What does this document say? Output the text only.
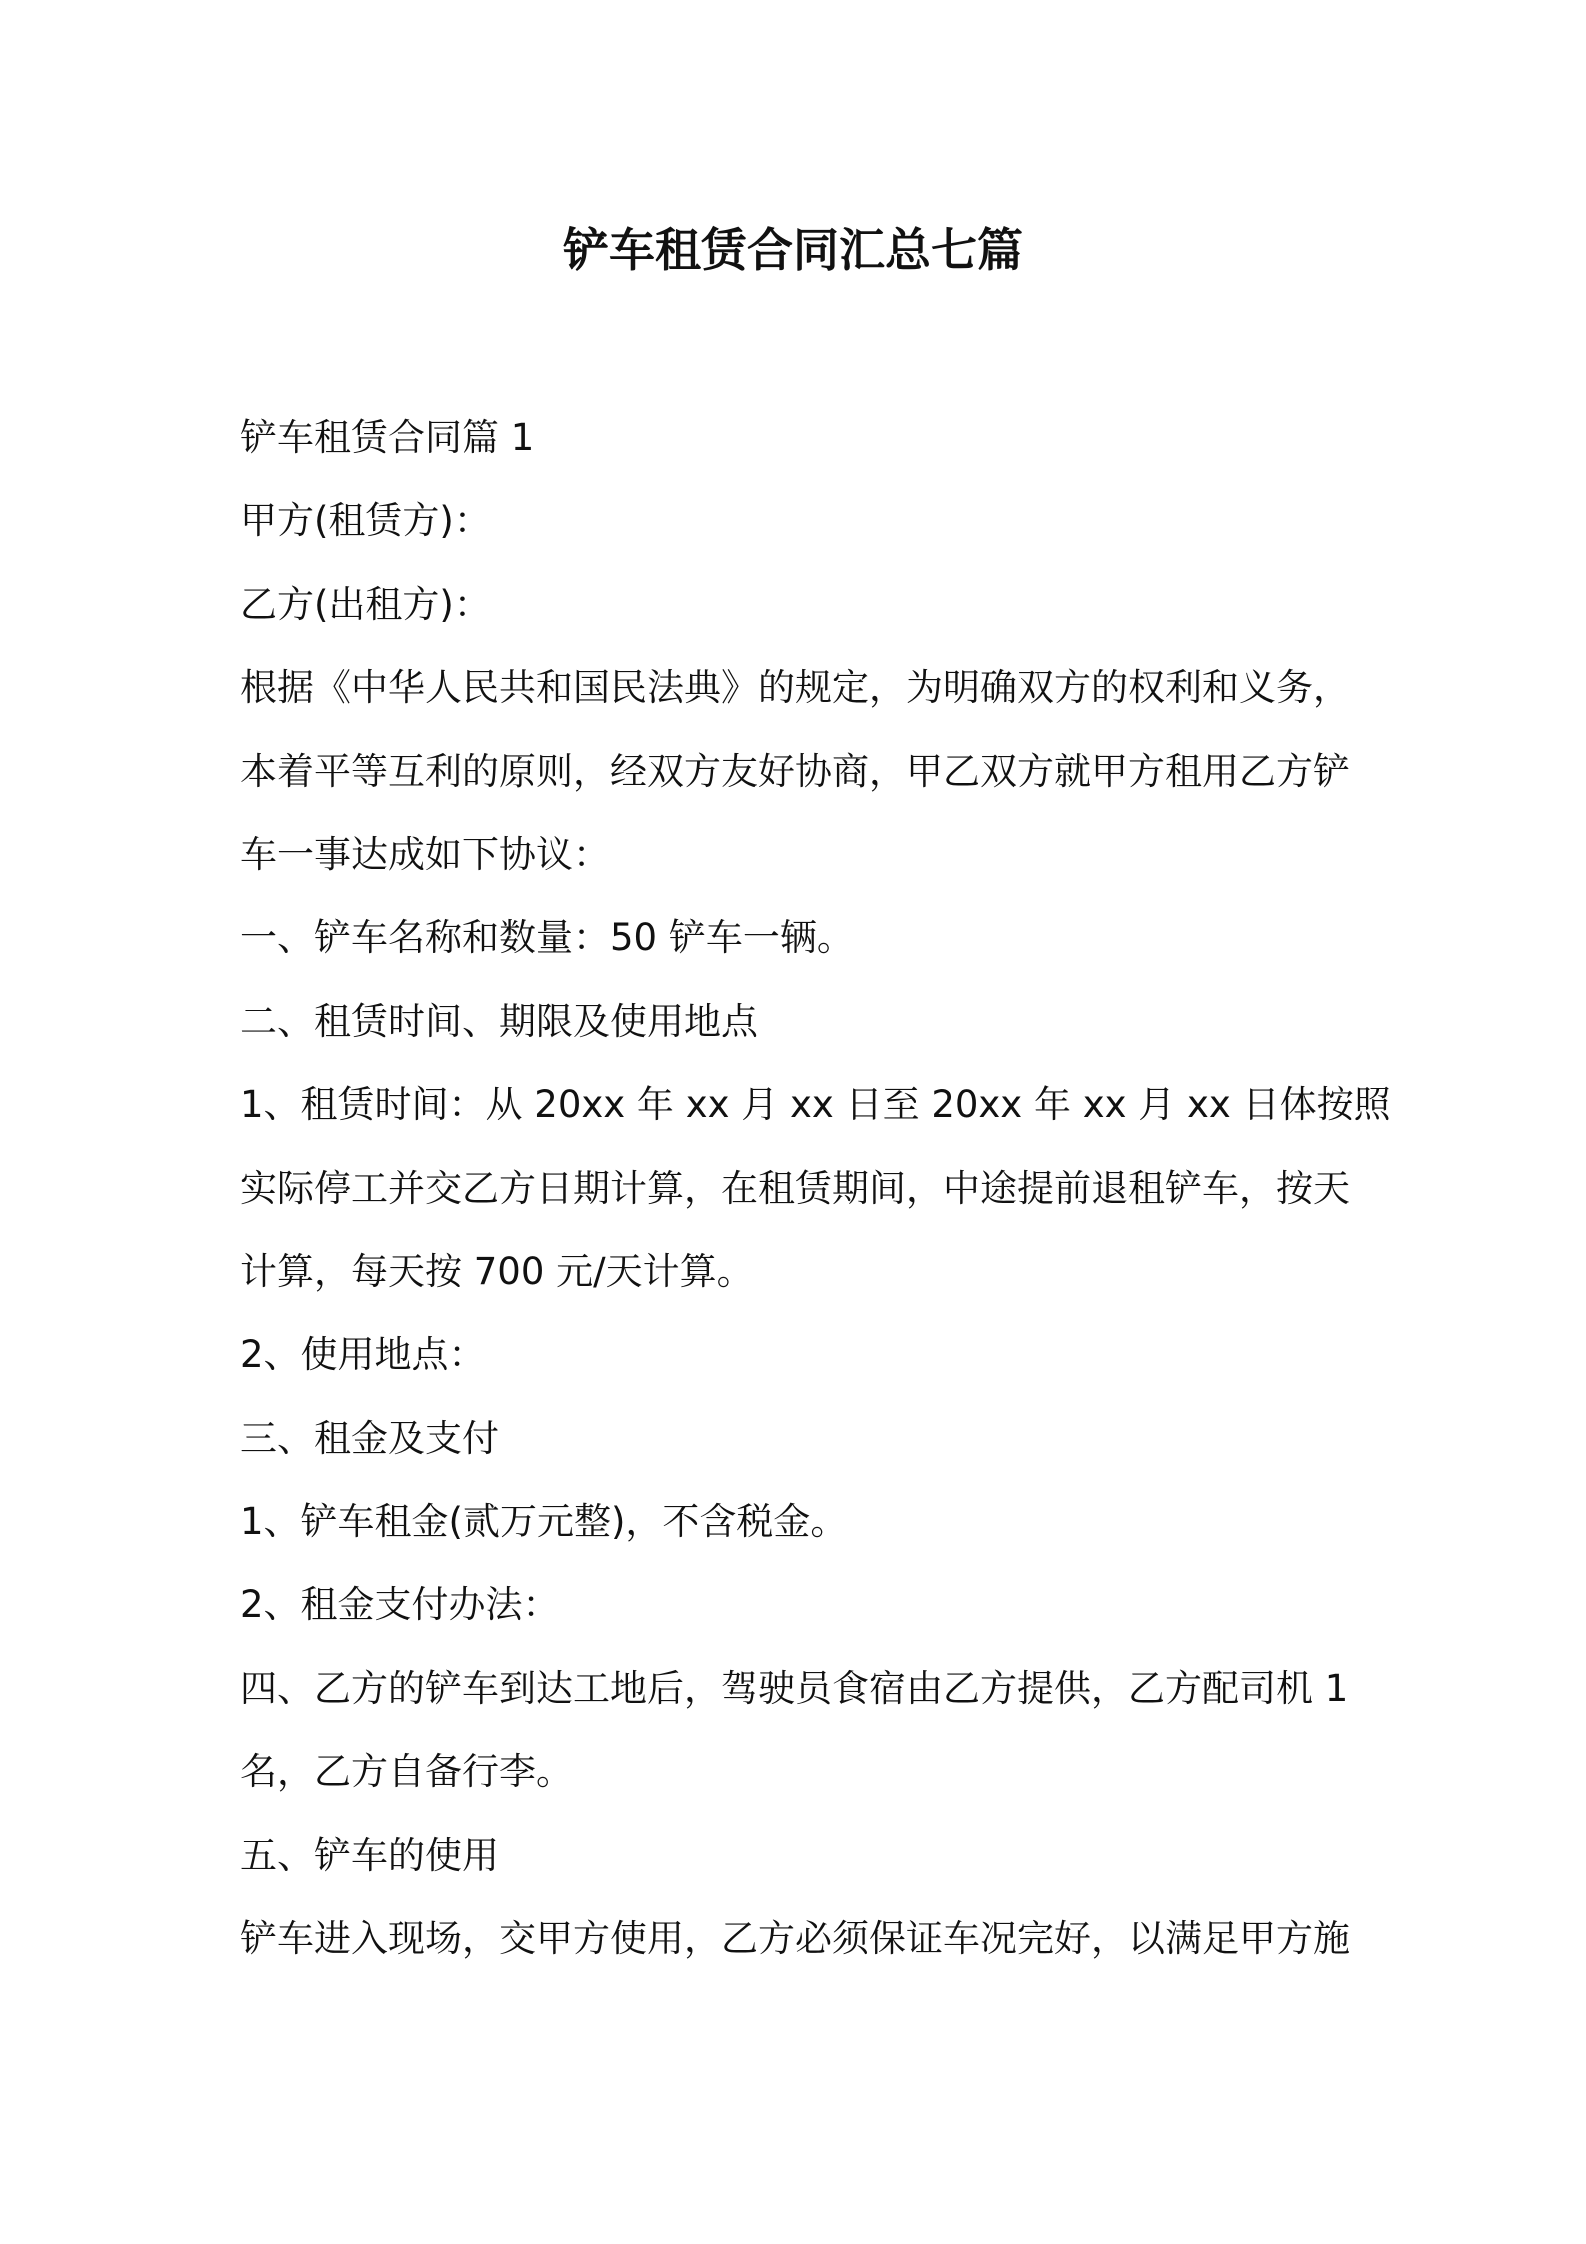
铲车租赁合同汇总七篇

铲车租赁合同篇 1

甲方(租赁方)：

乙方(出租方)：

根据《中华人民共和国民法典》的规定，为明确双方的权利和义务，

本着平等互利的原则，经双方友好协商，甲乙双方就甲方租用乙方铲

车一事达成如下协议：

一、铲车名称和数量：50 铲车一辆。

二、租赁时间、期限及使用地点

1、租赁时间：从 20xx 年 xx 月 xx 日至 20xx 年 xx 月 xx 日体按照

实际停工并交乙方日期计算，在租赁期间，中途提前退租铲车，按天

计算，每天按 700 元/天计算。

2、使用地点：

三、租金及支付

1、铲车租金(贰万元整)，不含税金。

2、租金支付办法：

四、乙方的铲车到达工地后，驾驶员食宿由乙方提供，乙方配司机 1

名，乙方自备行李。

五、铲车的使用

铲车进入现场，交甲方使用，乙方必须保证车况完好，以满足甲方施
